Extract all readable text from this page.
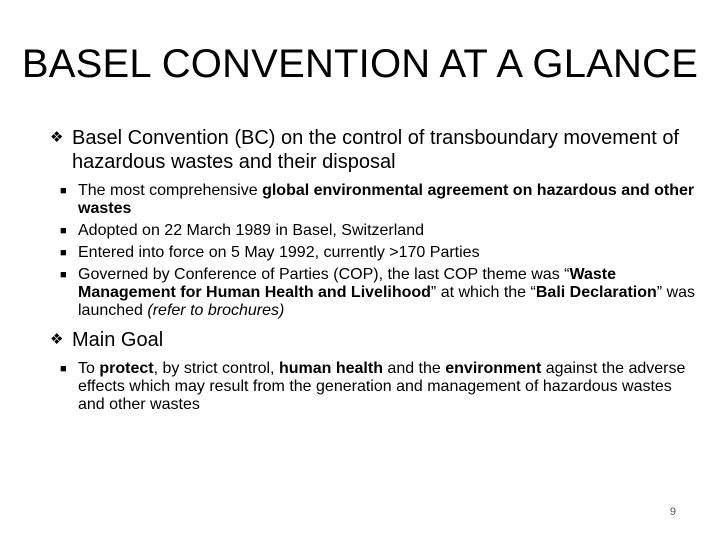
BASEL CONVENTION AT A GLANCE
❖ Basel Convention (BC) on the control of transboundary movement of hazardous wastes and their disposal
■ The most comprehensive global environmental agreement on hazardous and other wastes
■ Adopted on 22 March 1989 in Basel, Switzerland
■ Entered into force on 5 May 1992, currently >170 Parties
■ Governed by Conference of Parties (COP), the last COP theme was “Waste Management for Human Health and Livelihood” at which the “Bali Declaration” was launched (refer to brochures)
❖ Main Goal
■ To protect, by strict control, human health and the environment against the adverse effects which may result from the generation and management of hazardous wastes and other wastes
9
